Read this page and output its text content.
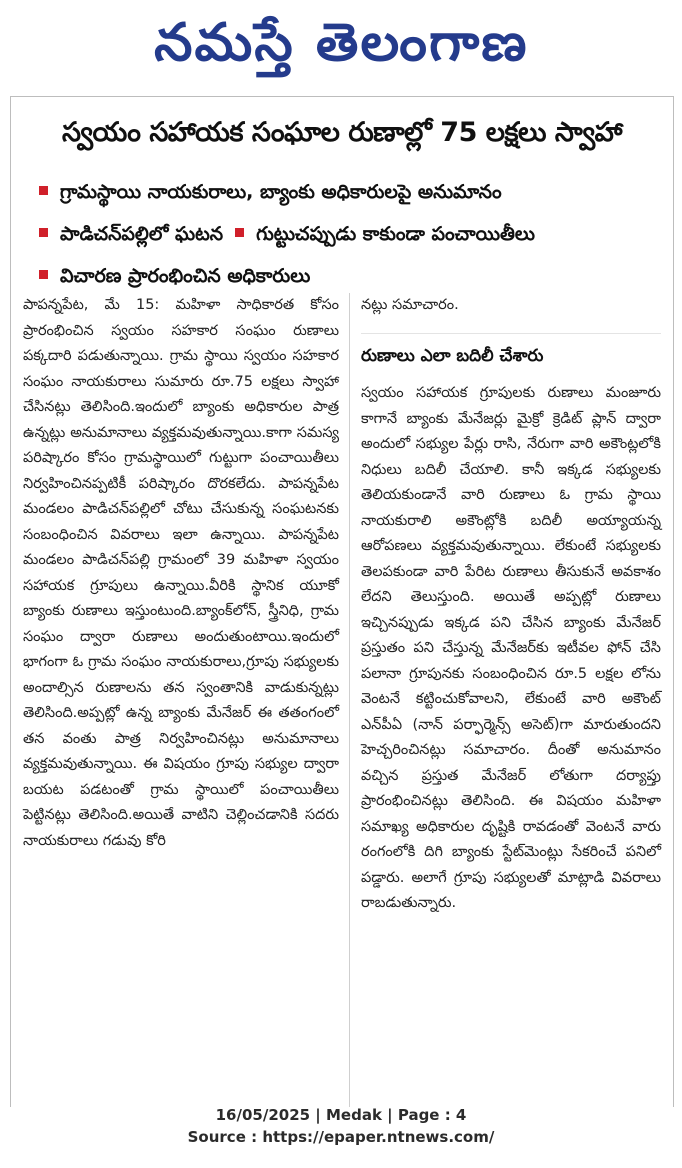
నమస్తే తెలంగాణ
స్వయం సహాయక సంఘాల రుణాల్లో 75 లక్షలు స్వాహా
గ్రామస్థాయి నాయకురాలు, బ్యాంకు అధికారులపై అనుమానం
పాడిచన్‌పల్లిలో ఘటన గుట్టుచప్పుడు కాకుండా పంచాయితీలు
విచారణ ప్రారంభించిన అధికారులు

పాపన్నపేట, మే 15: మహిళా సాధికారత కోసం ప్రారంభించిన స్వయం సహకార సంఘం రుణాలు పక్కదారి పడుతున్నాయి. గ్రామ స్థాయి స్వయం సహకార సంఘం నాయకురాలు సుమారు రూ.75 లక్షలు స్వాహా చేసినట్లు తెలిసింది.ఇందులో బ్యాంకు అధికారుల పాత్ర ఉన్నట్లు అనుమానాలు వ్యక్తమవుతున్నాయి.కాగా సమస్య పరిష్కారం కోసం గ్రామస్థాయిలో గుట్టుగా పంచాయితీలు నిర్వహించినప్పటికీ పరిష్కారం దొరకలేదు. పాపన్నపేట మండలం పాడిచన్‌పల్లిలో చోటు చేసుకున్న సంఘటనకు సంబంధించిన వివరాలు ఇలా ఉన్నాయి. పాపన్నపేట మండలం పాడిచన్‌పల్లి గ్రామంలో 39 మహిళా స్వయం సహాయక గ్రూపులు ఉన్నాయి.వీరికి స్థానిక యూకో బ్యాంకు రుణాలు ఇస్తుంటుంది.బ్యాంక్‌లోన్, స్త్రీనిధి, గ్రామ సంఘం ద్వారా రుణాలు అందుతుంటాయి.ఇందులో భాగంగా ఓ గ్రామ సంఘం నాయకురాలు,గ్రూపు సభ్యులకు అందాల్సిన రుణాలను తన స్వంతానికి వాడుకున్నట్లు తెలిసింది.అప్పట్లో ఉన్న బ్యాంకు మేనేజర్ ఈ తతంగంలో తన వంతు పాత్ర నిర్వహించినట్లు అనుమానాలు వ్యక్తమవుతున్నాయి. ఈ విషయం గ్రూపు సభ్యుల ద్వారా బయట పడటంతో గ్రామ స్థాయిలో పంచాయితీలు పెట్టినట్లు తెలిసింది.అయితే వాటిని చెల్లించడానికి సదరు నాయకురాలు గడువు కోరి

నట్లు సమాచారం.

రుణాలు ఎలా బదిలీ చేశారు

స్వయం సహాయక గ్రూపులకు రుణాలు మంజూరు కాగానే బ్యాంకు మేనేజర్లు మైక్రో క్రెడిట్ ప్లాన్ ద్వారా అందులో సభ్యుల పేర్లు రాసి, నేరుగా వారి అకౌంట్లలోకి నిధులు బదిలీ చేయాలి. కానీ ఇక్కడ సభ్యులకు తెలియకుండానే వారి రుణాలు ఓ గ్రామ స్థాయి నాయకురాలి అకౌంట్లోకి బదిలీ అయ్యాయన్న ఆరోపణలు వ్యక్తమవుతున్నాయి. లేకుంటే సభ్యులకు తెలపకుండా వారి పేరిట రుణాలు తీసుకునే అవకాశం లేదని తెలుస్తుంది. అయితే అప్పట్లో రుణాలు ఇచ్చినప్పుడు ఇక్కడ పని చేసిన బ్యాంకు మేనేజర్ ప్రస్తుతం పని చేస్తున్న మేనేజర్‌కు ఇటీవల ఫోన్ చేసి పలానా గ్రూపునకు సంబంధించిన రూ.5 లక్షల లోను వెంటనే కట్టించుకోవాలని, లేకుంటే వారి అకౌంట్ ఎన్‌పీఏ (నాన్ పర్ఫార్మెన్స్ అసెట్)గా మారుతుందని హెచ్చరించినట్లు సమాచారం. దీంతో అనుమానం వచ్చిన ప్రస్తుత మేనేజర్ లోతుగా దర్యాప్తు ప్రారంభించినట్లు తెలిసింది. ఈ విషయం మహిళా సమాఖ్య అధికారుల దృష్టికి రావడంతో వెంటనే వారు రంగంలోకి దిగి బ్యాంకు స్టేట్‌మెంట్లు సేకరించే పనిలో పడ్డారు. అలాగే గ్రూపు సభ్యులతో మాట్లాడి వివరాలు రాబడుతున్నారు.

16/05/2025 | Medak | Page : 4
Source : https://epaper.ntnews.com/
